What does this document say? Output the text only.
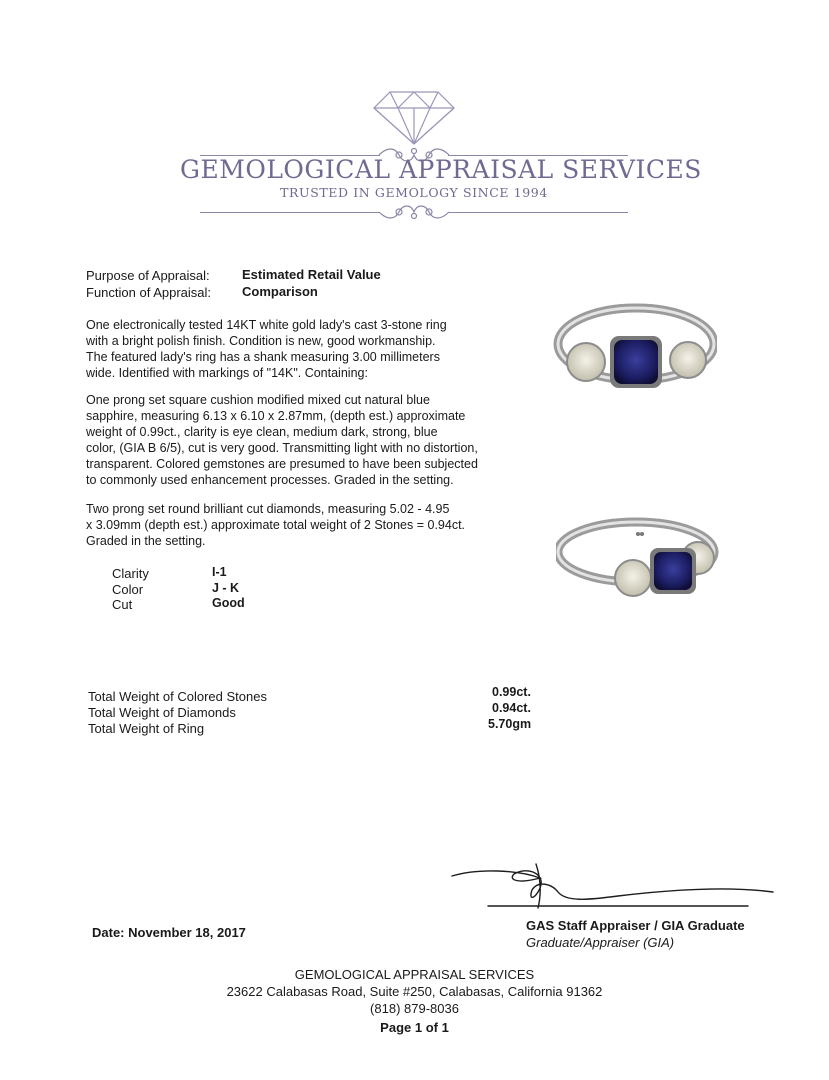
GEMOLOGICAL APPRAISAL SERVICES
TRUSTED IN GEMOLOGY SINCE 1994
Purpose of Appraisal: Estimated Retail Value
Function of Appraisal: Comparison
One electronically tested 14KT white gold lady's cast 3-stone ring
with a bright polish finish. Condition is new, good workmanship.
The featured lady's ring has a shank measuring 3.00 millimeters
wide. Identified with markings of "14K". Containing:
One prong set square cushion modified mixed cut natural blue
sapphire, measuring 6.13 x 6.10 x 2.87mm, (depth est.) approximate
weight of 0.99ct., clarity is eye clean, medium dark, strong, blue
color, (GIA B 6/5), cut is very good. Transmitting light with no distortion,
transparent. Colored gemstones are presumed to have been subjected
to commonly used enhancement processes. Graded in the setting.
Two prong set round brilliant cut diamonds, measuring 5.02 - 4.95
x 3.09mm (depth est.) approximate total weight of 2 Stones = 0.94ct.
Graded in the setting.
Clarity	I-1
Color	J - K
Cut	Good
Total Weight of Colored Stones	0.99ct.
Total Weight of Diamonds	0.94ct.
Total Weight of Ring	5.70gm
GAS Staff Appraiser / GIA Graduate
Graduate/Appraiser (GIA)
Date: November 18, 2017
GEMOLOGICAL APPRAISAL SERVICES
23622 Calabasas Road, Suite #250, Calabasas, California 91362
(818) 879-8036
Page 1 of 1
